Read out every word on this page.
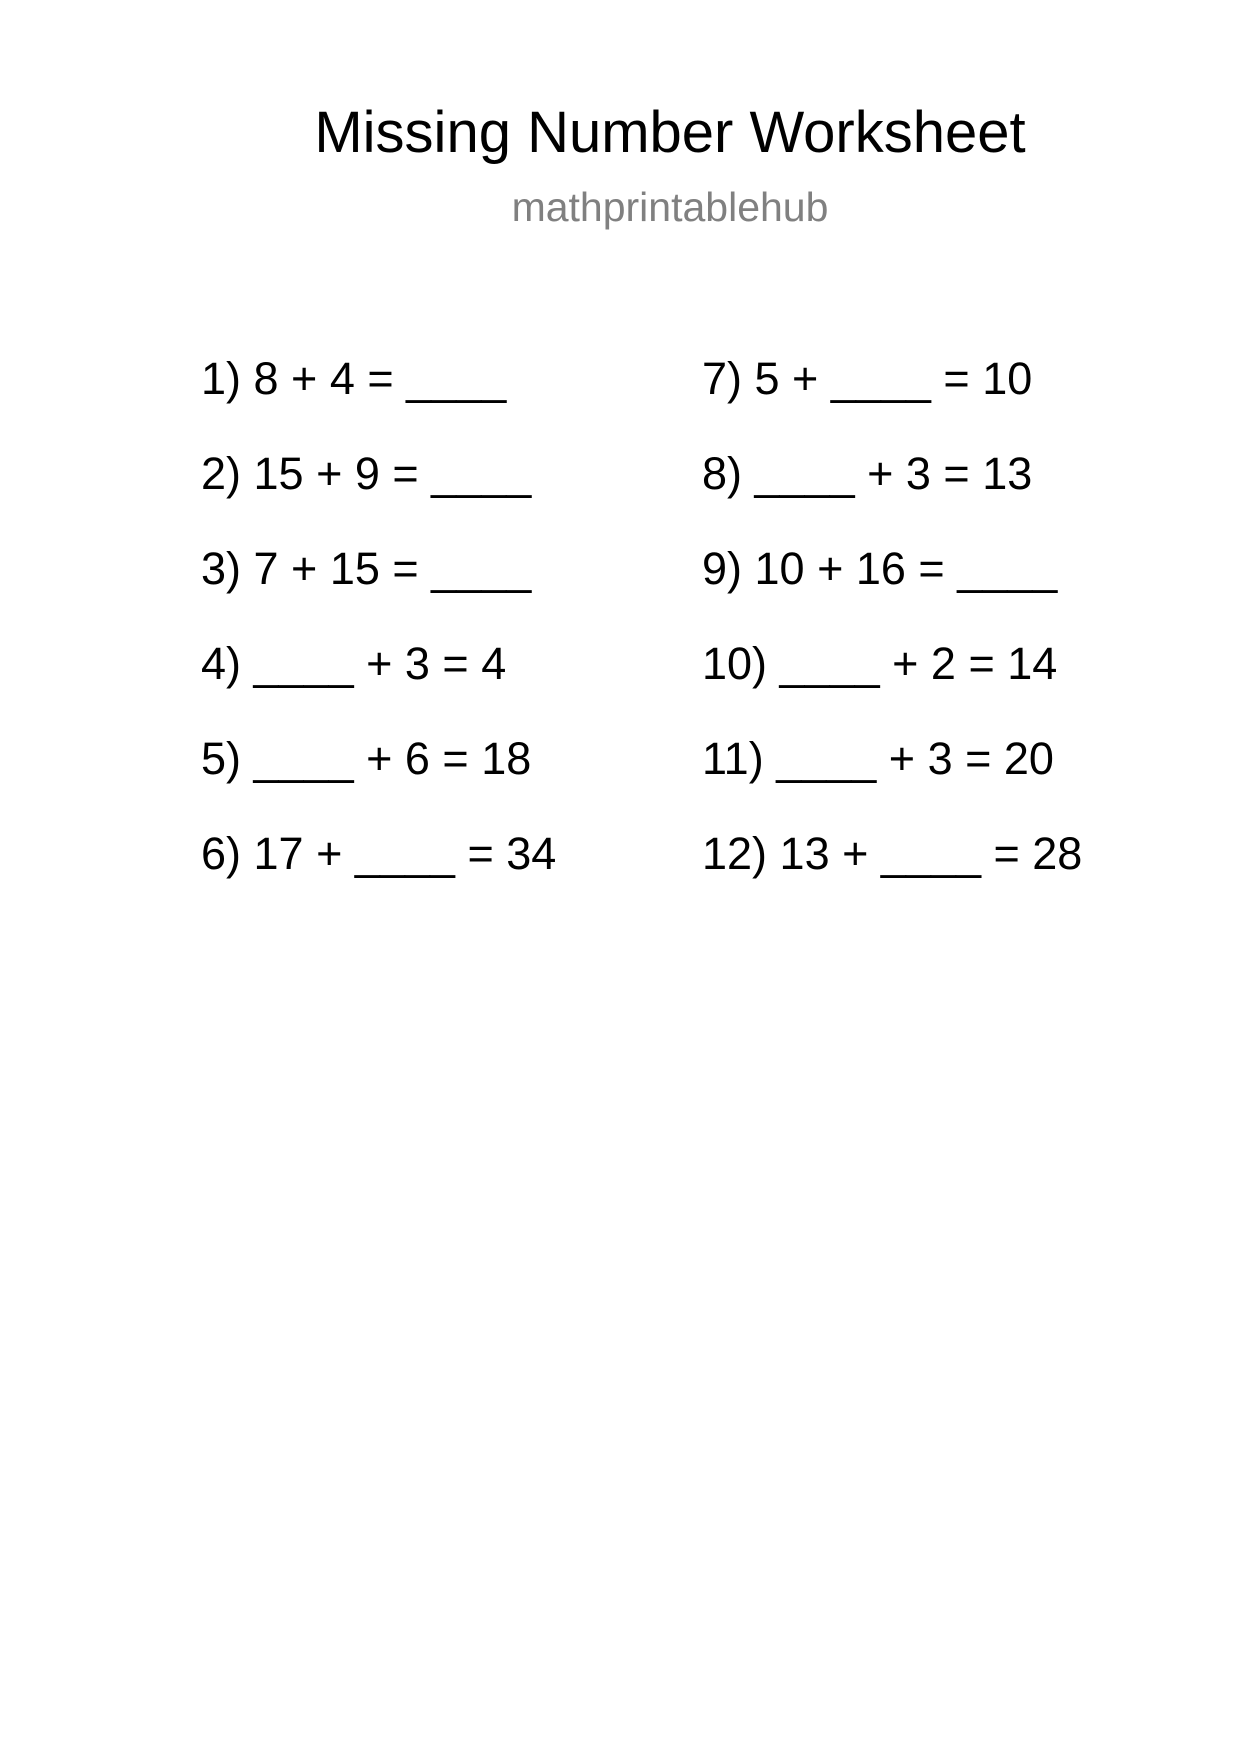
Missing Number Worksheet
mathprintablehub
1) 8 + 4 = ____
2) 15 + 9 = ____
3) 7 + 15 = ____
4) ____ + 3 = 4
5) ____ + 6 = 18
6) 17 + ____ = 34
7) 5 + ____ = 10
8) ____ + 3 = 13
9) 10 + 16 = ____
10) ____ + 2 = 14
11) ____ + 3 = 20
12) 13 + ____ = 28
